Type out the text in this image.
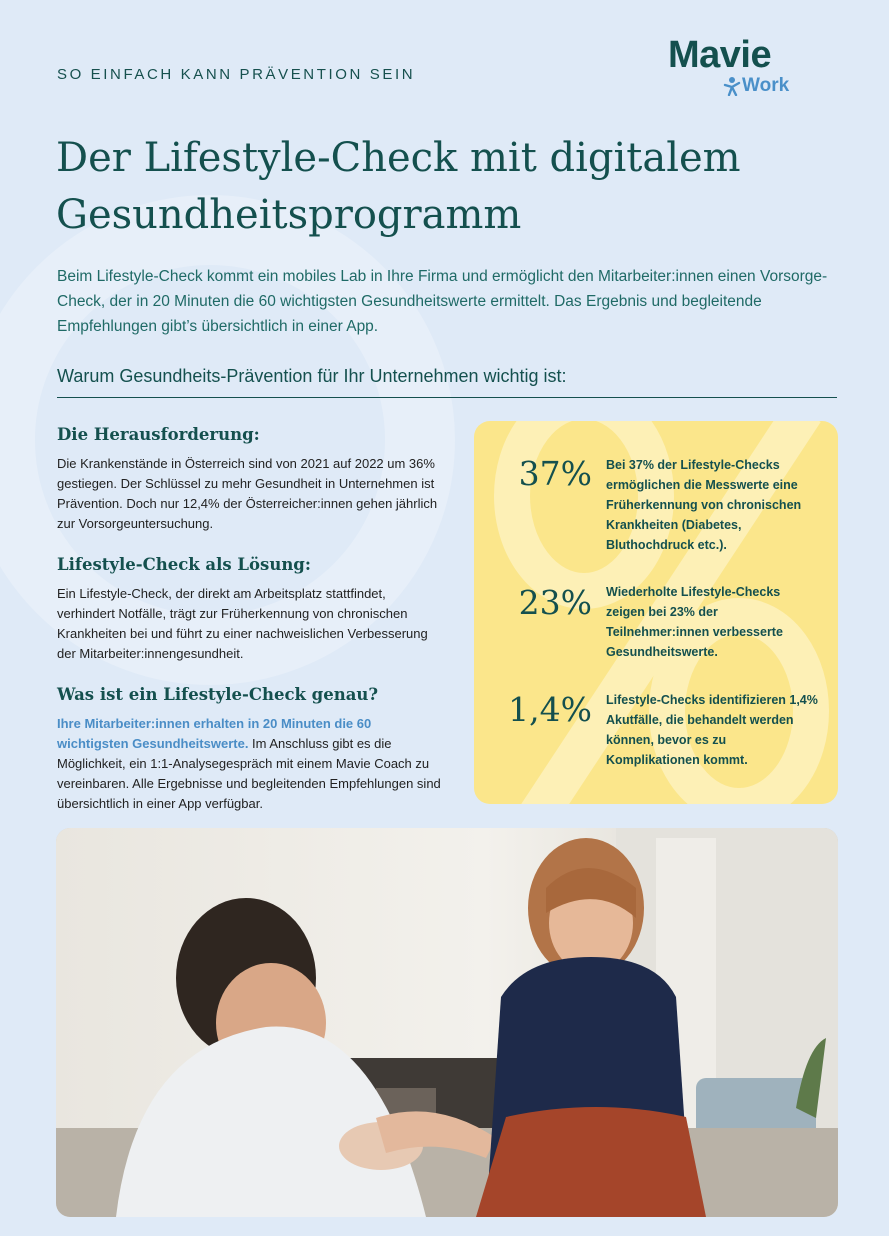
SO EINFACH KANN PRÄVENTION SEIN	Mavie
Work
Der Lifestyle-Check mit digitalem Gesundheitsprogramm

Beim Lifestyle-Check kommt ein mobiles Lab in Ihre Firma und ermöglicht den Mitarbeiter:innen einen Vorsorge-Check, der in 20 Minuten die 60 wichtigsten Gesundheitswerte ermittelt. Das Ergebnis und begleitende Empfehlungen gibt’s übersichtlich in einer App.

Warum Gesundheits-Prävention für Ihr Unternehmen wichtig ist:
Die Herausforderung:

Die Krankenstände in Österreich sind von 2021 auf 2022 um 36% gestiegen. Der Schlüssel zu mehr Gesundheit in Unternehmen ist Prävention. Doch nur 12,4% der Österreicher:innen gehen jährlich zur Vorsorgeuntersuchung.

Lifestyle-Check als Lösung:

Ein Lifestyle-Check, der direkt am Arbeitsplatz stattfindet, verhindert Notfälle, trägt zur Früherkennung von chronischen Krankheiten bei und führt zu einer nachweislichen Verbesserung der Mitarbeiter:innengesundheit.

Was ist ein Lifestyle-Check genau?

Ihre Mitarbeiter:innen erhalten in 20 Minuten die 60 wichtigsten Gesundheitswerte. Im Anschluss gibt es die Möglichkeit, ein 1:1-Analysegespräch mit einem Mavie Coach zu vereinbaren. Alle Ergebnisse und begleitenden Empfehlungen sind übersichtlich in einer App verfügbar.

37% Bei 37% der Lifestyle-Checks ermöglichen die Messwerte eine Früherkennung von chronischen Krankheiten (Diabetes, Bluthochdruck etc.).
23% Wiederholte Lifestyle-Checks zeigen bei 23% der Teilnehmer:innen verbesserte Gesundheitswerte.
1,4% Lifestyle-Checks identifizieren 1,4% Akutfälle, die behandelt werden können, bevor es zu Komplikationen kommt.
